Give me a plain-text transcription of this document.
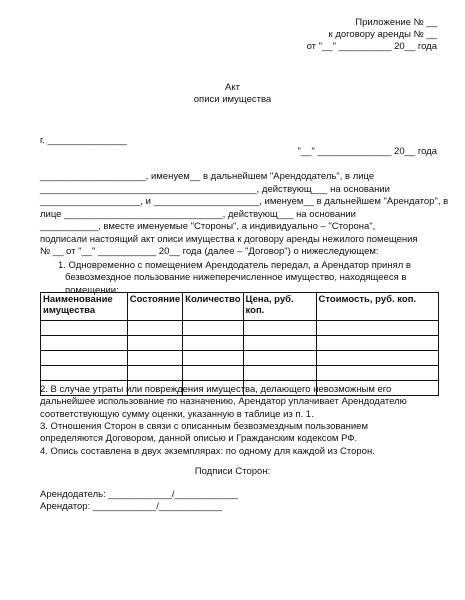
Приложение № __
к договору аренды № __
от "__" __________ 20__ года
Акт
описи имущества
г. _______________
"__" ______________ 20__ года
____________________, именуем__ в дальнейшем "Арендодатель", в лице
_________________________________________, действующ___ на основании
___________________, и ____________________, именуем__ в дальнейшем "Арендатор", в
лице ______________________________, действующ___ на основании
___________, вместе именуемые "Стороны", а индивидуально – "Сторона",
подписали настоящий акт описи имущества к договору аренды нежилого помещения
№ __ от "__" ___________ 20__ года (далее – "Договор") о нижеследующем:
1. Одновременно с помещением Арендодатель передал, а Арендатор принял в
безвозмездное пользование нижеперечисленное имущество, находящееся в
помещении:
Наименование имущества	Состояние	Количество	Цена, руб. коп.	Стоимость, руб. коп.

2. В случае утраты или повреждения имущества, делающего невозможным его
дальнейшее использование по назначению, Арендатор уплачивает Арендодателю
соответствующую сумму оценки, указанную в таблице из п. 1.
3. Отношения Сторон в связи с описанным безвозмездным пользованием
определяются Договором, данной описью и Гражданским кодексом РФ.
4. Опись составлена в двух экземплярах: по одному для каждой из Сторон.
Подписи Сторон:
Арендодатель: ____________/____________
Арендатор: ____________/____________
